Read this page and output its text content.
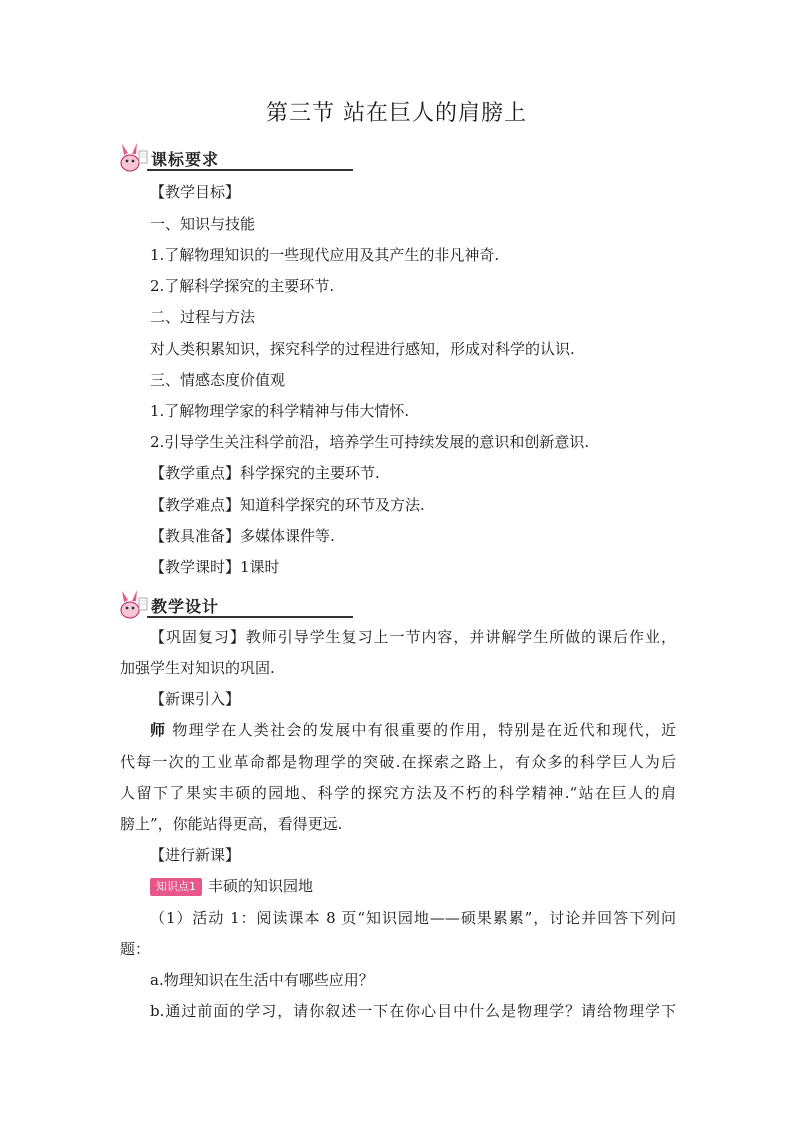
第三节 站在巨人的肩膀上
课标要求
【教学目标】
一、知识与技能
1.了解物理知识的一些现代应用及其产生的非凡神奇.
2.了解科学探究的主要环节.
二、过程与方法
对人类积累知识，探究科学的过程进行感知，形成对科学的认识.
三、情感态度价值观
1.了解物理学家的科学精神与伟大情怀.
2.引导学生关注科学前沿，培养学生可持续发展的意识和创新意识.
【教学重点】科学探究的主要环节.
【教学难点】知道科学探究的环节及方法.
【教具准备】多媒体课件等.
【教学课时】1课时
教学设计
【巩固复习】教师引导学生复习上一节内容，并讲解学生所做的课后作业，
加强学生对知识的巩固.
【新课引入】
师 物理学在人类社会的发展中有很重要的作用，特别是在近代和现代，近
代每一次的工业革命都是物理学的突破.在探索之路上，有众多的科学巨人为后
人留下了果实丰硕的园地、科学的探究方法及不朽的科学精神.“站在巨人的肩
膀上”，你能站得更高，看得更远.
【进行新课】
知识点1 丰硕的知识园地
（1）活动 1：阅读课本 8 页“知识园地——硕果累累”，讨论并回答下列问
题：
a.物理知识在生活中有哪些应用？
b.通过前面的学习，请你叙述一下在你心目中什么是物理学？请给物理学下
